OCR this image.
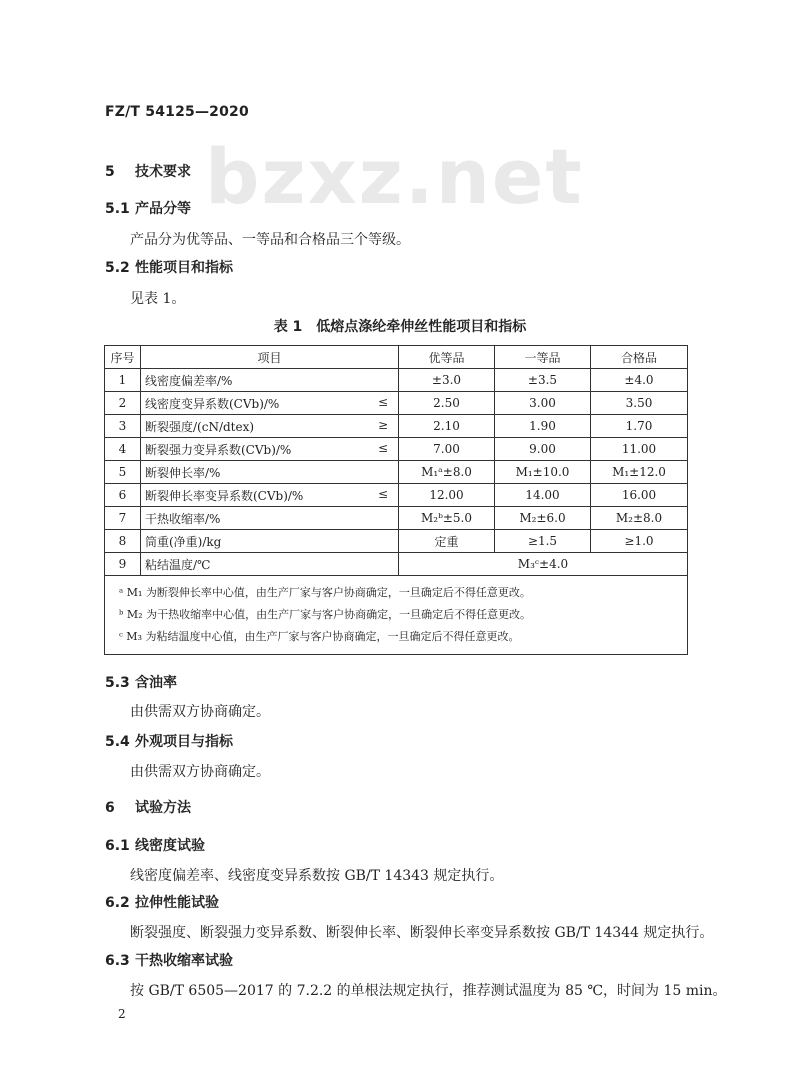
FZ/T 54125—2020
bzxz.net
5 技术要求
5.1 产品分等
产品分为优等品、一等品和合格品三个等级。
5.2 性能项目和指标
见表 1。
表 1　低熔点涤纶牵伸丝性能项目和指标
序号	项目	优等品	一等品	合格品
1	线密度偏差率/%	±3.0	±3.5	±4.0
2	线密度变异系数(CVb)/% ≤	2.50	3.00	3.50
3	断裂强度/(cN/dtex) ≥	2.10	1.90	1.70
4	断裂强力变异系数(CVb)/% ≤	7.00	9.00	11.00
5	断裂伸长率/%	M₁ᵃ±8.0	M₁±10.0	M₁±12.0
6	断裂伸长率变异系数(CVb)/% ≤	12.00	14.00	16.00
7	干热收缩率/%	M₂ᵇ±5.0	M₂±6.0	M₂±8.0
8	筒重(净重)/kg	定重	≥1.5	≥1.0
9	粘结温度/℃	M₃ᶜ±4.0		

ᵃ M₁ 为断裂伸长率中心值，由生产厂家与客户协商确定，一旦确定后不得任意更改。
ᵇ M₂ 为干热收缩率中心值，由生产厂家与客户协商确定，一旦确定后不得任意更改。
ᶜ M₃ 为粘结温度中心值，由生产厂家与客户协商确定，一旦确定后不得任意更改。				
5.3 含油率
由供需双方协商确定。
5.4 外观项目与指标
由供需双方协商确定。
6 试验方法
6.1 线密度试验
线密度偏差率、线密度变异系数按 GB/T 14343 规定执行。
6.2 拉伸性能试验
断裂强度、断裂强力变异系数、断裂伸长率、断裂伸长率变异系数按 GB/T 14344 规定执行。
6.3 干热收缩率试验
按 GB/T 6505—2017 的 7.2.2 的单根法规定执行，推荐测试温度为 85 ℃，时间为 15 min。
2
